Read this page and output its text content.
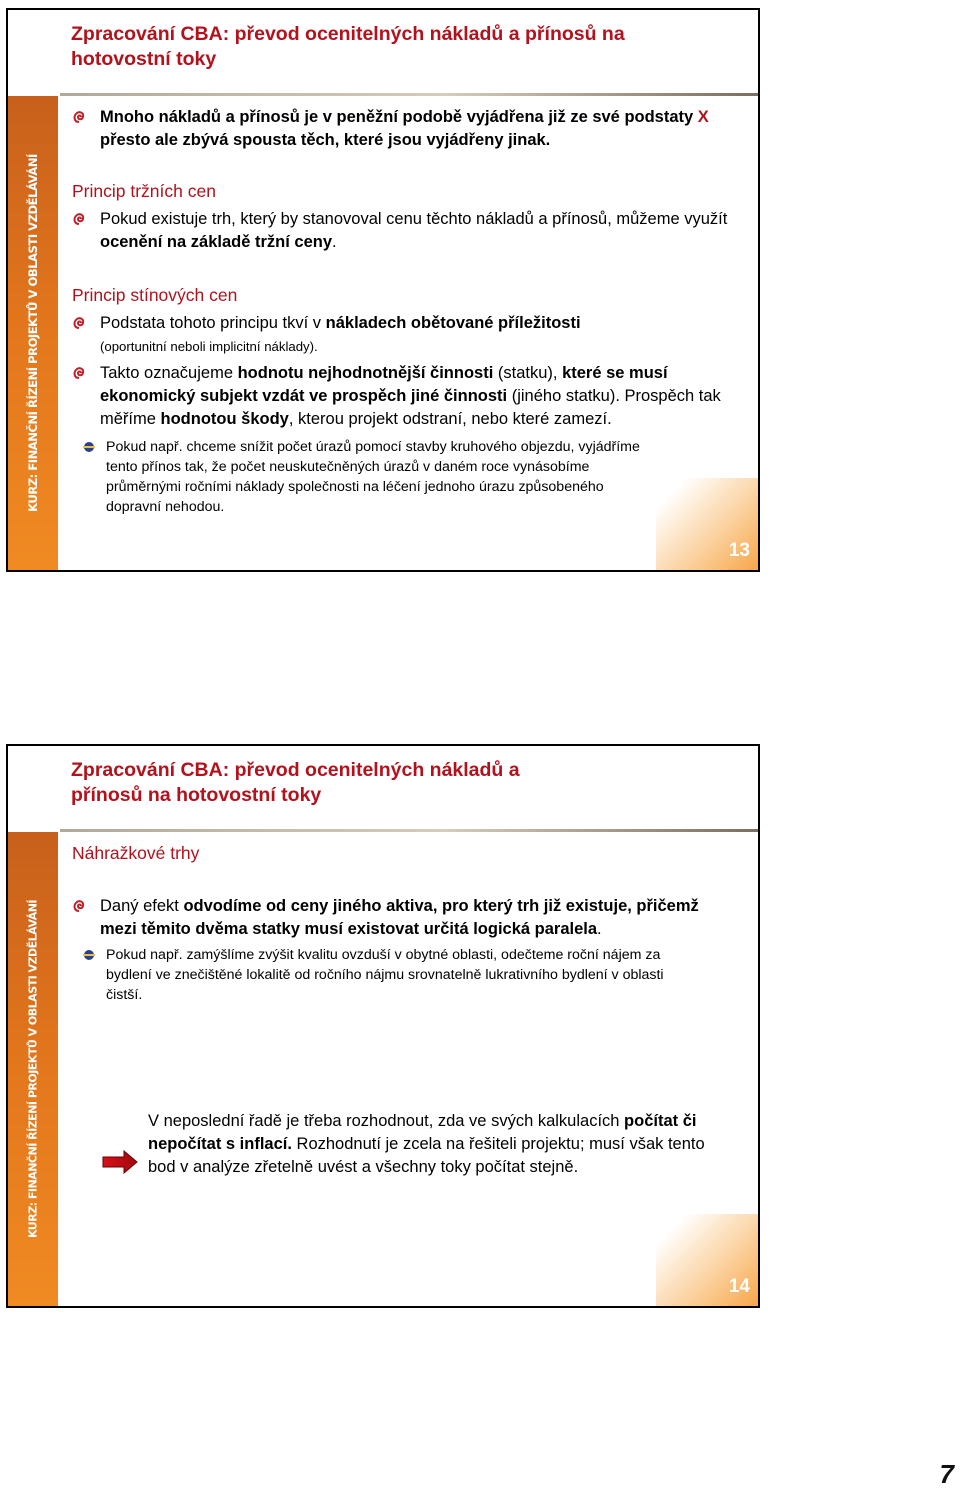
Zpracování CBA: převod ocenitelných nákladů a přínosů na
hotovostní toky
KURZ: FINANČNÍ ŘÍZENÍ PROJEKTŮ V OBLASTI VZDĚLÁVÁNÍ

Mnoho nákladů a přínosů je v peněžní podobě vyjádřena již ze své podstaty X přesto ale zbývá spousta těch, které jsou vyjádřeny jinak.

Princip tržních cen

Pokud existuje trh, který by stanovoval cenu těchto nákladů a přínosů, můžeme využít ocenění na základě tržní ceny.

Princip stínových cen

Podstata tohoto principu tkví v nákladech obětované příležitosti
(oportunitní neboli implicitní náklady).

Takto označujeme hodnotu nejhodnotnější činnosti (statku), které se musí ekonomický subjekt vzdát ve prospěch jiné činnosti (jiného statku). Prospěch tak měříme hodnotou škody, kterou projekt odstraní, nebo které zamezí.

Pokud např. chceme snížit počet úrazů pomocí stavby kruhového objezdu, vyjádříme tento přínos tak, že počet neuskutečněných úrazů v daném roce vynásobíme průměrnými ročními náklady společnosti na léčení jednoho úrazu způsobeného dopravní nehodou.

13
Zpracování CBA: převod ocenitelných nákladů a
přínosů na hotovostní toky
KURZ: FINANČNÍ ŘÍZENÍ PROJEKTŮ V OBLASTI VZDĚLÁVÁNÍ

Náhražkové trhy

Daný efekt odvodíme od ceny jiného aktiva, pro který trh již existuje, přičemž mezi těmito dvěma statky musí existovat určitá logická paralela.

Pokud např. zamýšlíme zvýšit kvalitu ovzduší v obytné oblasti, odečteme roční nájem za bydlení ve znečištěné lokalitě od ročního nájmu srovnatelně lukrativního bydlení v oblasti čistší.

V neposlední řadě je třeba rozhodnout, zda ve svých kalkulacích počítat či nepočítat s inflací. Rozhodnutí je zcela na řešiteli projektu; musí však tento bod v analýze zřetelně uvést a všechny toky počítat stejně.

14
7
